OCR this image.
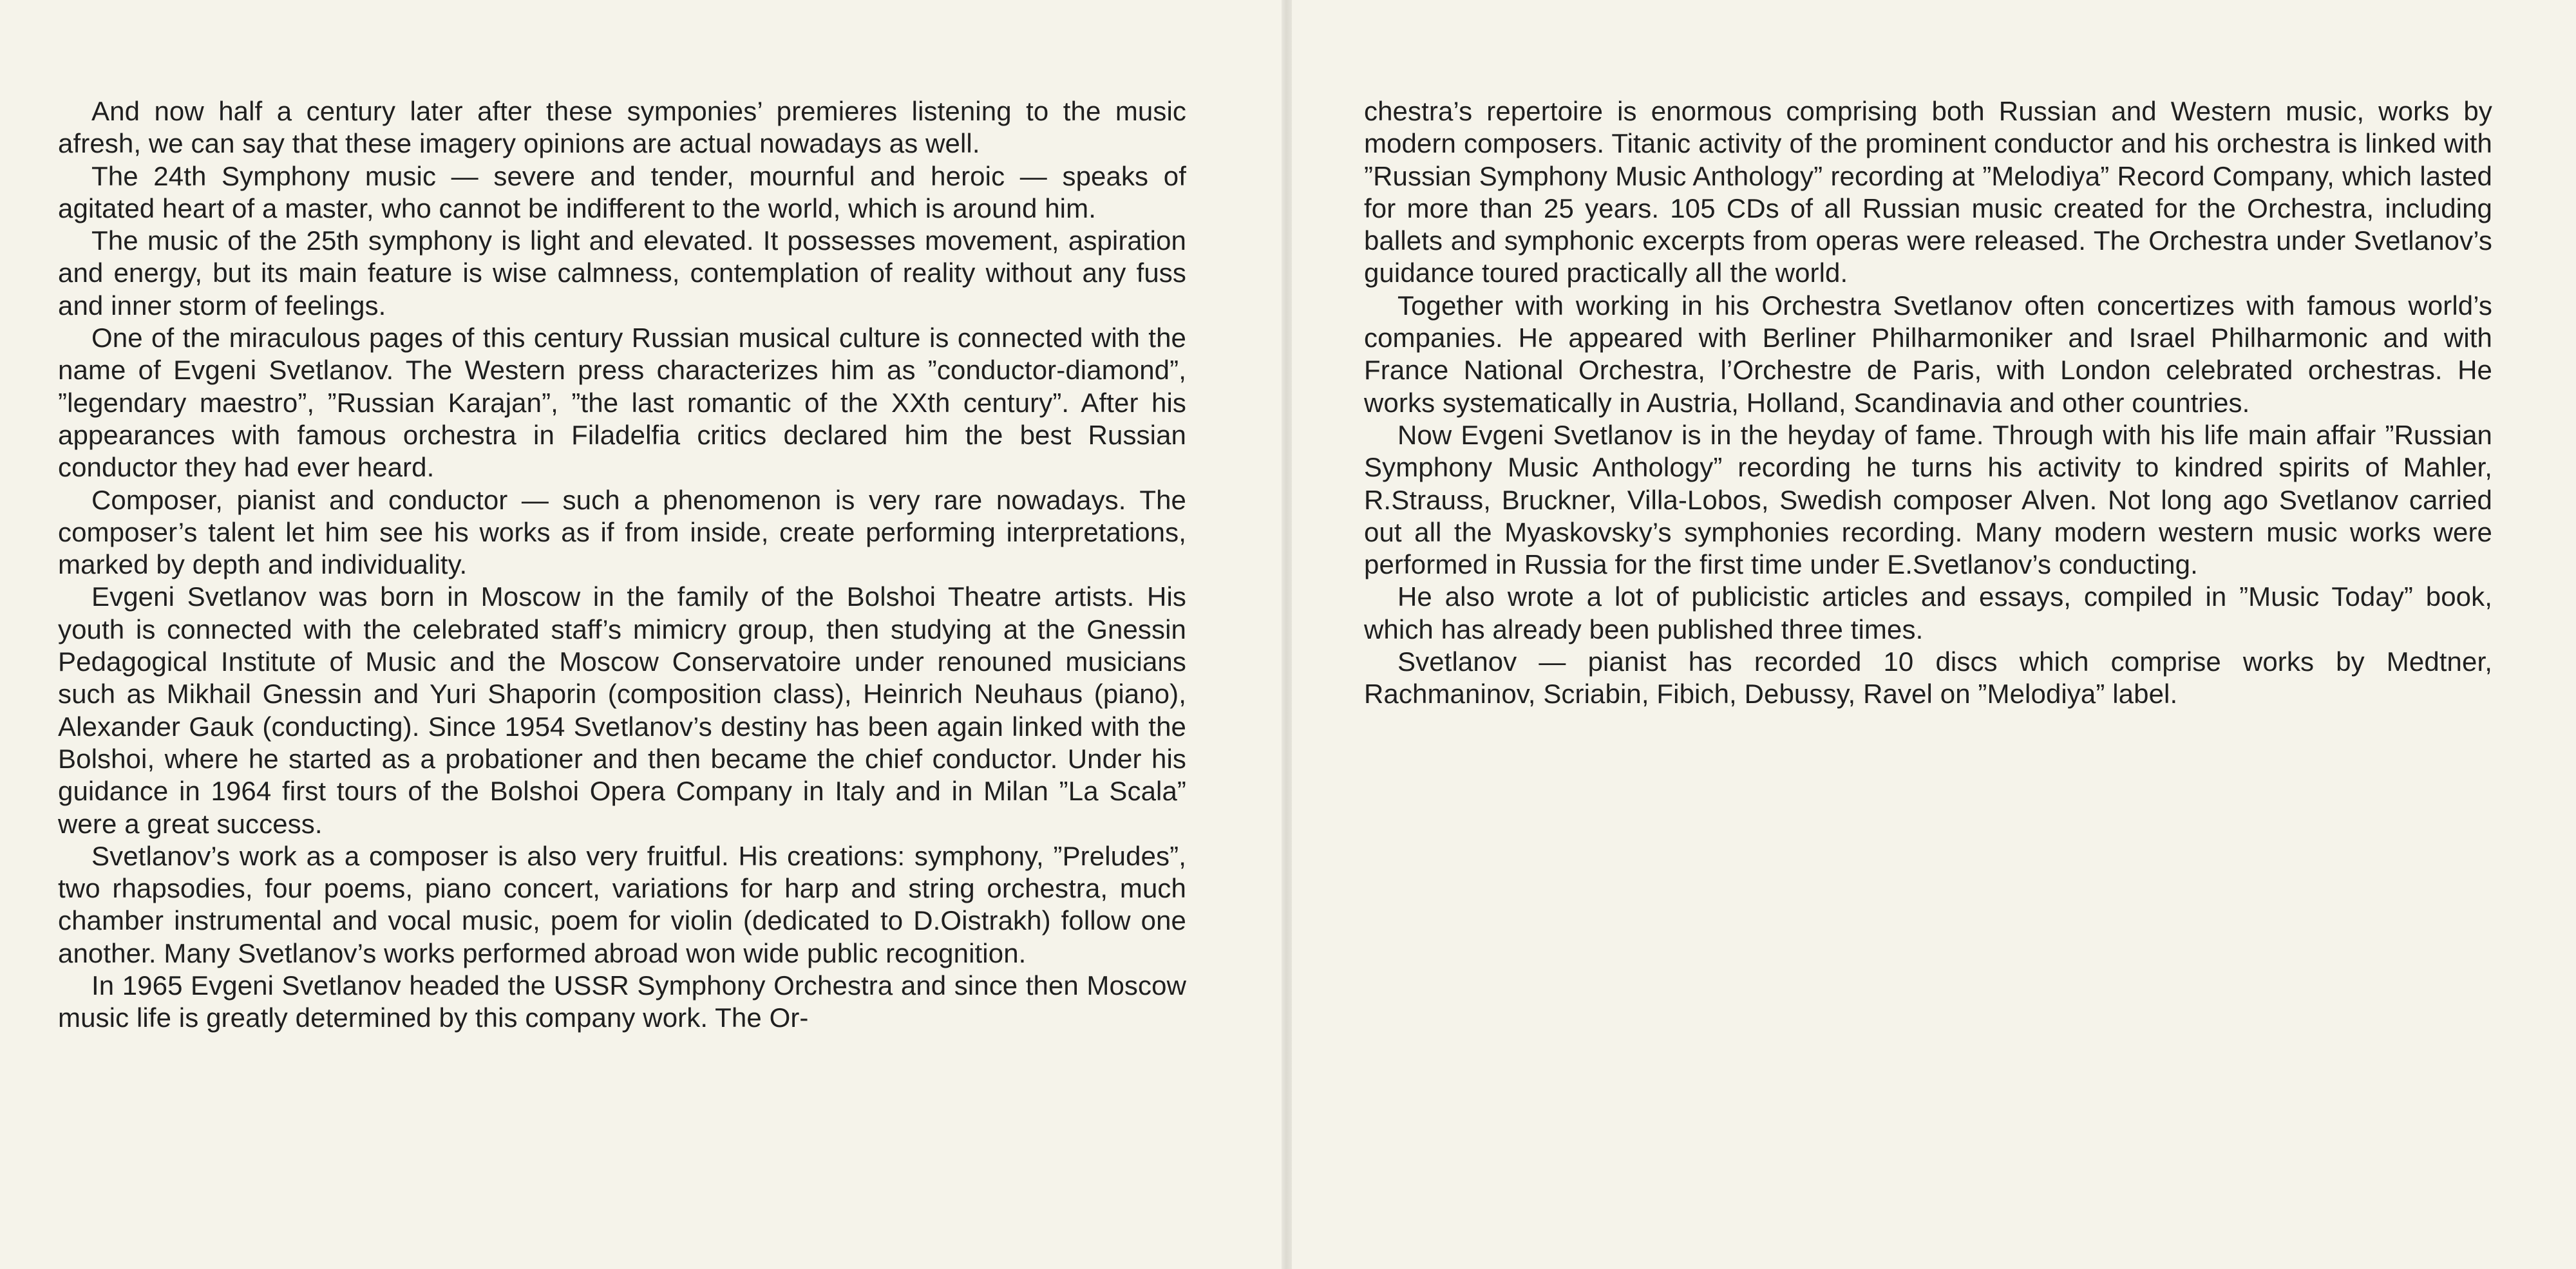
And now half a century later after these symponies’ premieres listening to the music afresh, we can say that these imagery opinions are actual nowadays as well.

The 24th Symphony music — severe and tender, mournful and heroic — speaks of agitated heart of a master, who cannot be indifferent to the world, which is around him.

The music of the 25th symphony is light and elevated. It possesses movement, aspiration and energy, but its main feature is wise calmness, contemplation of reality without any fuss and inner storm of feelings.

One of the miraculous pages of this century Russian musical culture is connected with the name of Evgeni Svetlanov. The Western press characterizes him as ”conductor-diamond”, ”legendary maestro”, ”Russian Karajan”, ”the last romantic of the XXth century”. After his appearances with famous orchestra in Filadelfia critics declared him the best Russian conductor they had ever heard.

Composer, pianist and conductor — such a phenomenon is very rare nowadays. The composer’s talent let him see his works as if from inside, create performing interpretations, marked by depth and individuality.

Evgeni Svetlanov was born in Moscow in the family of the Bolshoi Theatre artists. His youth is connected with the celebrated staff’s mimicry group, then studying at the Gnessin Pedagogical Institute of Music and the Moscow Conservatoire under renouned musicians such as Mikhail Gnessin and Yuri Shaporin (composition class), Heinrich Neuhaus (piano), Alexander Gauk (conducting). Since 1954 Svetlanov’s destiny has been again linked with the Bolshoi, where he started as a probationer and then became the chief conductor. Under his guidance in 1964 first tours of the Bolshoi Opera Company in Italy and in Milan ”La Scala” were a great success.

Svetlanov’s work as a composer is also very fruitful. His creations: symphony, ”Preludes”, two rhapsodies, four poems, piano concert, variations for harp and string orchestra, much chamber instrumental and vocal music, poem for violin (dedicated to D.Oistrakh) follow one another. Many Svetlanov’s works performed abroad won wide public recognition.

In 1965 Evgeni Svetlanov headed the USSR Symphony Orchestra and since then Moscow music life is greatly determined by this company work. The Or-

chestra’s repertoire is enormous comprising both Russian and Western music, works by modern composers. Titanic activity of the prominent conductor and his orchestra is linked with ”Russian Symphony Music Anthology” recording at ”Melodiya” Record Company, which lasted for more than 25 years. 105 CDs of all Russian music created for the Orchestra, including ballets and symphonic excerpts from operas were released. The Orchestra under Svetlanov’s guidance toured practically all the world.

Together with working in his Orchestra Svetlanov often concertizes with famous world’s companies. He appeared with Berliner Philharmoniker and Israel Philharmonic and with France National Orchestra, l’Orchestre de Paris, with London celebrated orchestras. He works systematically in Austria, Holland, Scandinavia and other countries.

Now Evgeni Svetlanov is in the heyday of fame. Through with his life main affair ”Russian Symphony Music Anthology” recording he turns his activity to kindred spirits of Mahler, R.Strauss, Bruckner, Villa-Lobos, Swedish composer Alven. Not long ago Svetlanov carried out all the Myaskovsky’s symphonies recording. Many modern western music works were performed in Russia for the first time under E.Svetlanov’s conducting.

He also wrote a lot of publicistic articles and essays, compiled in ”Music Today” book, which has already been published three times.

Svetlanov — pianist has recorded 10 discs which comprise works by Medtner, Rachmaninov, Scriabin, Fibich, Debussy, Ravel on ”Melodiya” label.
